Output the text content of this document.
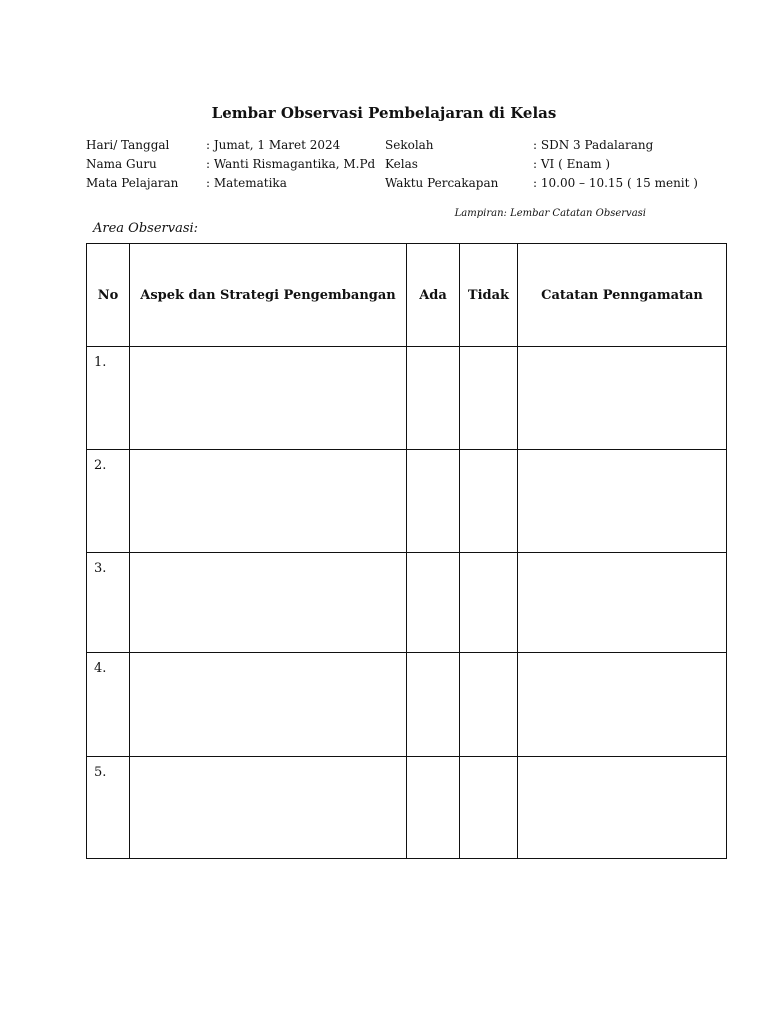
Lembar Observasi Pembelajaran di Kelas
Hari/ Tanggal	: Jumat, 1 Maret 2024	Sekolah	: SDN 3 Padalarang
Nama Guru	: Wanti Rismagantika, M.Pd Kelas	: VI ( Enam )
Mata Pelajaran : Matematika	Waktu Percakapan	: 10.00 – 10.15 ( 15 menit )
Lampiran: Lembar Catatan Observasi
Area Observasi:
No	Aspek dan Strategi Pengembangan	Ada	Tidak	Catatan Penngamatan

1.				

2.				

3.				

4.				

5.				
